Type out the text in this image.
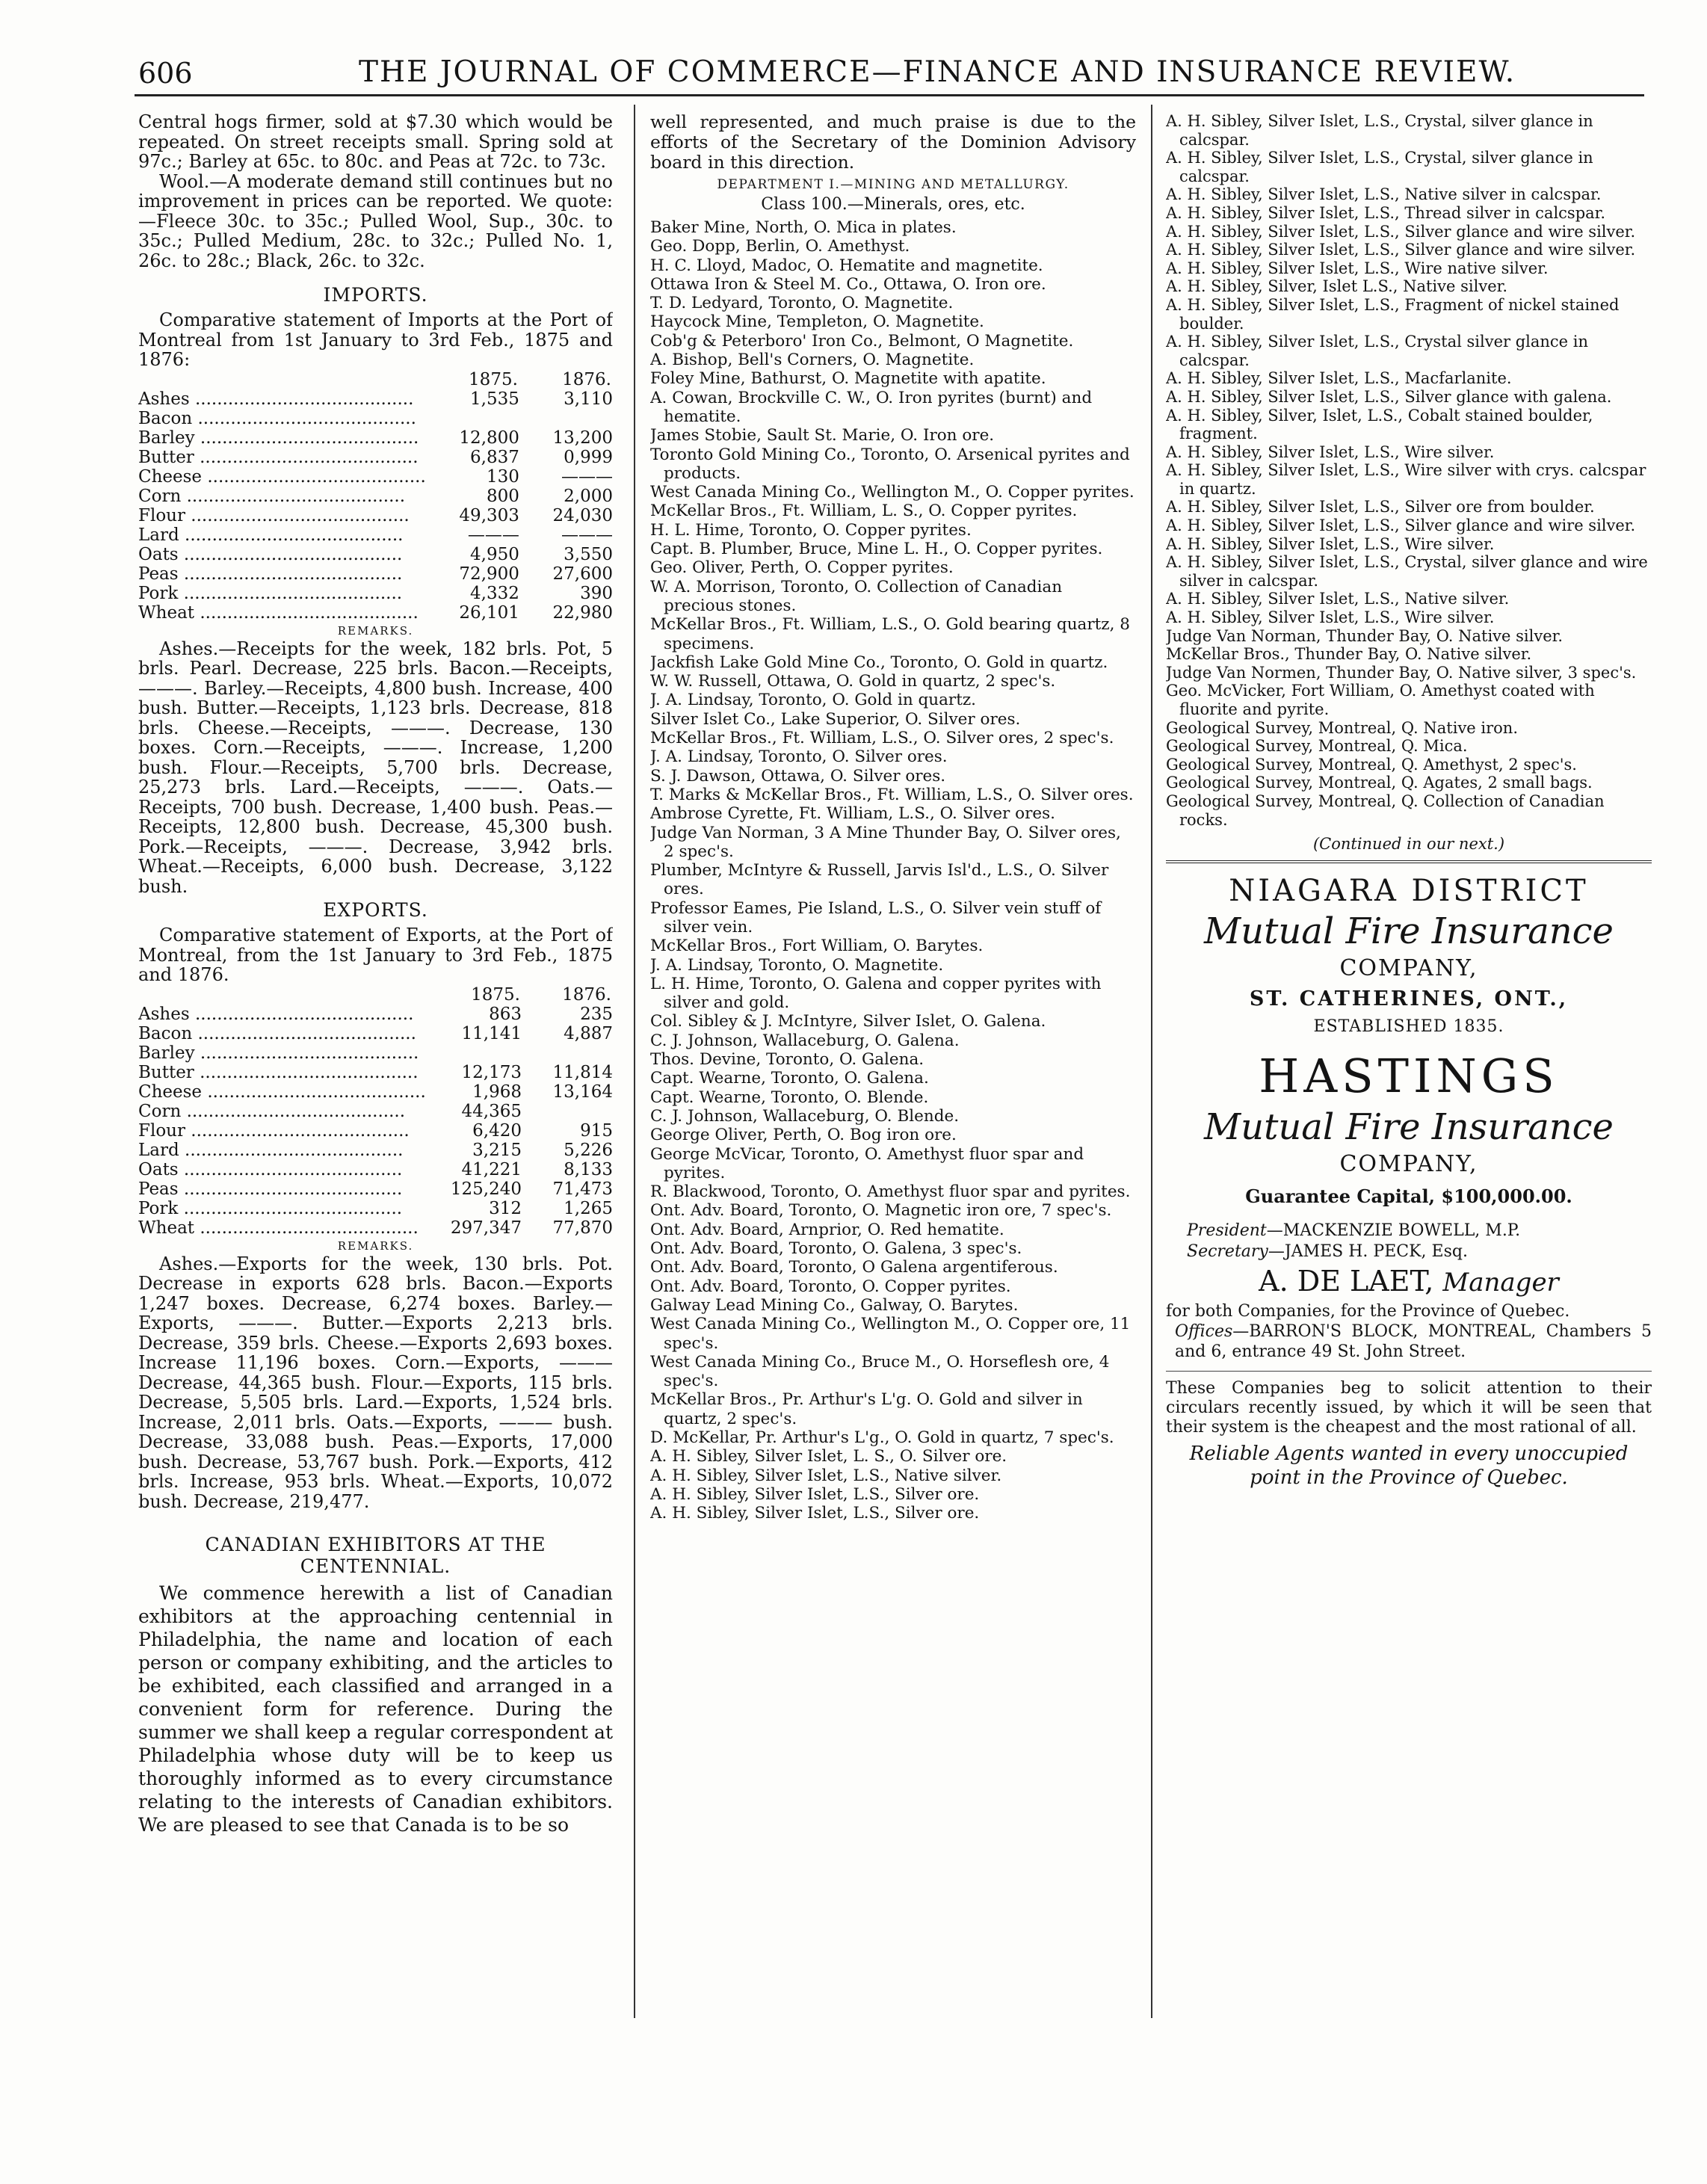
606	THE JOURNAL OF COMMERCE—FINANCE AND INSURANCE REVIEW.

Central hogs firmer, sold at $7.30 which would be repeated. On street receipts small. Spring sold at 97c.; Barley at 65c. to 80c. and Peas at 72c. to 73c.

Wool.—A moderate demand still continues but no improvement in prices can be reported. We quote:—Fleece 30c. to 35c.; Pulled Wool, Sup., 30c. to 35c.; Pulled Medium, 28c. to 32c.; Pulled No. 1, 26c. to 28c.; Black, 26c. to 32c.

IMPORTS.

Comparative statement of Imports at the Port of Montreal from 1st January to 3rd Feb., 1875 and 1876:

	1875.	1876.
Ashes ........................................	1,535	3,110
Bacon ........................................		
Barley ........................................	12,800	13,200
Butter ........................................	6,837	0,999
Cheese ........................................	130	———
Corn ........................................	800	2,000
Flour ........................................	49,303	24,030
Lard ........................................	———	———
Oats ........................................	4,950	3,550
Peas ........................................	72,900	27,600
Pork ........................................	4,332	390
Wheat ........................................	26,101	22,980
REMARKS.

Ashes.—Receipts for the week, 182 brls. Pot, 5 brls. Pearl. Decrease, 225 brls. Bacon.—Receipts, ———. Barley.—Receipts, 4,800 bush. Increase, 400 bush. Butter.—Receipts, 1,123 brls. Decrease, 818 brls. Cheese.—Receipts, ———. Decrease, 130 boxes. Corn.—Receipts, ———. Increase, 1,200 bush. Flour.—Receipts, 5,700 brls. Decrease, 25,273 brls. Lard.—Receipts, ———. Oats.—Receipts, 700 bush. Decrease, 1,400 bush. Peas.—Receipts, 12,800 bush. Decrease, 45,300 bush. Pork.—Receipts, ———. Decrease, 3,942 brls. Wheat.—Receipts, 6,000 bush. Decrease, 3,122 bush.

EXPORTS.

Comparative statement of Exports, at the Port of Montreal, from the 1st January to 3rd Feb., 1875 and 1876.

	1875.	1876.
Ashes ........................................	863	235
Bacon ........................................	11,141	4,887
Barley ........................................		
Butter ........................................	12,173	11,814
Cheese ........................................	1,968	13,164
Corn ........................................	44,365	
Flour ........................................	6,420	915
Lard ........................................	3,215	5,226
Oats ........................................	41,221	8,133
Peas ........................................	125,240	71,473
Pork ........................................	312	1,265
Wheat ........................................	297,347	77,870
REMARKS.

Ashes.—Exports for the week, 130 brls. Pot. Decrease in exports 628 brls. Bacon.—Exports 1,247 boxes. Decrease, 6,274 boxes. Barley.—Exports, ———. Butter.—Exports 2,213 brls. Decrease, 359 brls. Cheese.—Exports 2,693 boxes. Increase 11,196 boxes. Corn.—Exports, ———Decrease, 44,365 bush. Flour.—Exports, 115 brls. Decrease, 5,505 brls. Lard.—Exports, 1,524 brls. Increase, 2,011 brls. Oats.—Exports, ——— bush. Decrease, 33,088 bush. Peas.—Exports, 17,000 bush. Decrease, 53,767 bush. Pork.—Exports, 412 brls. Increase, 953 brls. Wheat.—Exports, 10,072 bush. Decrease, 219,477.

CANADIAN EXHIBITORS AT THE CENTENNIAL.

We commence herewith a list of Canadian exhibitors at the approaching centennial in Philadelphia, the name and location of each person or company exhibiting, and the articles to be exhibited, each classified and arranged in a convenient form for reference. During the summer we shall keep a regular correspondent at Philadelphia whose duty will be to keep us thoroughly informed as to every circumstance relating to the interests of Canadian exhibitors. We are pleased to see that Canada is to be so

well represented, and much praise is due to the efforts of the Secretary of the Dominion Advisory board in this direction.

DEPARTMENT I.—MINING AND METALLURGY.
Class 100.—Minerals, ores, etc.
Baker Mine, North, O. Mica in plates.
Geo. Dopp, Berlin, O. Amethyst.
H. C. Lloyd, Madoc, O. Hematite and magnetite.
Ottawa Iron & Steel M. Co., Ottawa, O. Iron ore.
T. D. Ledyard, Toronto, O. Magnetite.
Haycock Mine, Templeton, O. Magnetite.
Cob'g & Peterboro' Iron Co., Belmont, O Magnetite.
A. Bishop, Bell's Corners, O. Magnetite.
Foley Mine, Bathurst, O. Magnetite with apatite.
A. Cowan, Brockville C. W., O. Iron pyrites (burnt) and hematite.
James Stobie, Sault St. Marie, O. Iron ore.
Toronto Gold Mining Co., Toronto, O. Arsenical pyrites and products.
West Canada Mining Co., Wellington M., O. Copper pyrites.
McKellar Bros., Ft. William, L. S., O. Copper pyrites.
H. L. Hime, Toronto, O. Copper pyrites.
Capt. B. Plumber, Bruce, Mine L. H., O. Copper pyrites.
Geo. Oliver, Perth, O. Copper pyrites.
W. A. Morrison, Toronto, O. Collection of Canadian precious stones.
McKellar Bros., Ft. William, L.S., O. Gold bearing quartz, 8 specimens.
Jackfish Lake Gold Mine Co., Toronto, O. Gold in quartz.
W. W. Russell, Ottawa, O. Gold in quartz, 2 spec's.
J. A. Lindsay, Toronto, O. Gold in quartz.
Silver Islet Co., Lake Superior, O. Silver ores.
McKellar Bros., Ft. William, L.S., O. Silver ores, 2 spec's.
J. A. Lindsay, Toronto, O. Silver ores.
S. J. Dawson, Ottawa, O. Silver ores.
T. Marks & McKellar Bros., Ft. William, L.S., O. Silver ores.
Ambrose Cyrette, Ft. William, L.S., O. Silver ores.
Judge Van Norman, 3 A Mine Thunder Bay, O. Silver ores, 2 spec's.
Plumber, McIntyre & Russell, Jarvis Isl'd., L.S., O. Silver ores.
Professor Eames, Pie Island, L.S., O. Silver vein stuff of silver vein.
McKellar Bros., Fort William, O. Barytes.
J. A. Lindsay, Toronto, O. Magnetite.
L. H. Hime, Toronto, O. Galena and copper pyrites with silver and gold.
Col. Sibley & J. McIntyre, Silver Islet, O. Galena.
C. J. Johnson, Wallaceburg, O. Galena.
Thos. Devine, Toronto, O. Galena.
Capt. Wearne, Toronto, O. Galena.
Capt. Wearne, Toronto, O. Blende.
C. J. Johnson, Wallaceburg, O. Blende.
George Oliver, Perth, O. Bog iron ore.
George McVicar, Toronto, O. Amethyst fluor spar and pyrites.
R. Blackwood, Toronto, O. Amethyst fluor spar and pyrites.
Ont. Adv. Board, Toronto, O. Magnetic iron ore, 7 spec's.
Ont. Adv. Board, Arnprior, O. Red hematite.
Ont. Adv. Board, Toronto, O. Galena, 3 spec's.
Ont. Adv. Board, Toronto, O Galena argentiferous.
Ont. Adv. Board, Toronto, O. Copper pyrites.
Galway Lead Mining Co., Galway, O. Barytes.
West Canada Mining Co., Wellington M., O. Copper ore, 11 spec's.
West Canada Mining Co., Bruce M., O. Horseflesh ore, 4 spec's.
McKellar Bros., Pr. Arthur's L'g. O. Gold and silver in quartz, 2 spec's.
D. McKellar, Pr. Arthur's L'g., O. Gold in quartz, 7 spec's.
A. H. Sibley, Silver Islet, L. S., O. Silver ore.
A. H. Sibley, Silver Islet, L.S., Native silver.
A. H. Sibley, Silver Islet, L.S., Silver ore.
A. H. Sibley, Silver Islet, L.S., Silver ore.
A. H. Sibley, Silver Islet, L.S., Crystal, silver glance in calcspar.
A. H. Sibley, Silver Islet, L.S., Crystal, silver glance in calcspar.
A. H. Sibley, Silver Islet, L.S., Native silver in calcspar.
A. H. Sibley, Silver Islet, L.S., Thread silver in calcspar.
A. H. Sibley, Silver Islet, L.S., Silver glance and wire silver.
A. H. Sibley, Silver Islet, L.S., Silver glance and wire silver.
A. H. Sibley, Silver Islet, L.S., Wire native silver.
A. H. Sibley, Silver, Islet L.S., Native silver.
A. H. Sibley, Silver Islet, L.S., Fragment of nickel stained boulder.
A. H. Sibley, Silver Islet, L.S., Crystal silver glance in calcspar.
A. H. Sibley, Silver Islet, L.S., Macfarlanite.
A. H. Sibley, Silver Islet, L.S., Silver glance with galena.
A. H. Sibley, Silver, Islet, L.S., Cobalt stained boulder, fragment.
A. H. Sibley, Silver Islet, L.S., Wire silver.
A. H. Sibley, Silver Islet, L.S., Wire silver with crys. calcspar in quartz.
A. H. Sibley, Silver Islet, L.S., Silver ore from boulder.
A. H. Sibley, Silver Islet, L.S., Silver glance and wire silver.
A. H. Sibley, Silver Islet, L.S., Wire silver.
A. H. Sibley, Silver Islet, L.S., Crystal, silver glance and wire silver in calcspar.
A. H. Sibley, Silver Islet, L.S., Native silver.
A. H. Sibley, Silver Islet, L.S., Wire silver.
Judge Van Norman, Thunder Bay, O. Native silver.
McKellar Bros., Thunder Bay, O. Native silver.
Judge Van Normen, Thunder Bay, O. Native silver, 3 spec's.
Geo. McVicker, Fort William, O. Amethyst coated with fluorite and pyrite.
Geological Survey, Montreal, Q. Native iron.
Geological Survey, Montreal, Q. Mica.
Geological Survey, Montreal, Q. Amethyst, 2 spec's.
Geological Survey, Montreal, Q. Agates, 2 small bags.
Geological Survey, Montreal, Q. Collection of Canadian rocks.
(Continued in our next.)
NIAGARA DISTRICT
Mutual Fire Insurance
COMPANY,
ST. CATHERINES, ONT.,
ESTABLISHED 1835.
HASTINGS
Mutual Fire Insurance
COMPANY,
Guarantee Capital, $100,000.00.
President—MACKENZIE BOWELL, M.P.
Secretary—JAMES H. PECK, Esq.
A. DE LAET, Manager
for both Companies, for the Province of Quebec.
Offices—BARRON'S BLOCK, MONTREAL, Chambers 5 and 6, entrance 49 St. John Street.
These Companies beg to solicit attention to their circulars recently issued, by which it will be seen that their system is the cheapest and the most rational of all.
Reliable Agents wanted in every unoccupied point in the Province of Quebec.
